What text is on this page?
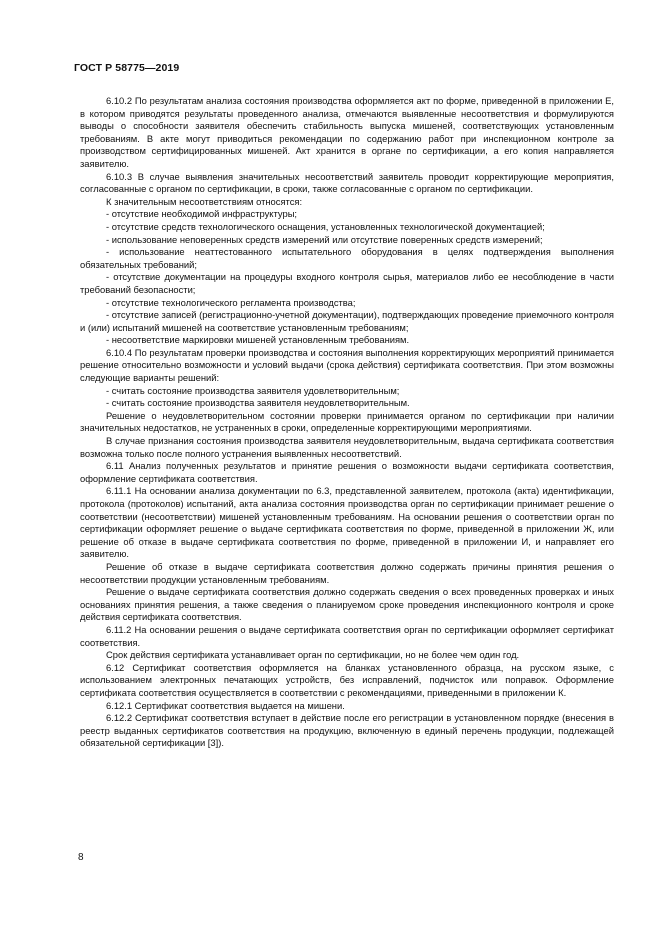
ГОСТ Р 58775—2019

6.10.2 По результатам анализа состояния производства оформляется акт по форме, приведенной в приложении Е, в котором приводятся результаты проведенного анализа, отмечаются выявленные несоответствия и формулируются выводы о способности заявителя обеспечить стабильность выпуска мишеней, соответствующих установленным требованиям. В акте могут приводиться рекомендации по содержанию работ при инспекционном контроле за производством сертифицированных мишеней. Акт хранится в органе по сертификации, а его копия направляется заявителю.

6.10.3 В случае выявления значительных несоответствий заявитель проводит корректирующие мероприятия, согласованные с органом по сертификации, в сроки, также согласованные с органом по сертификации.

К значительным несоответствиям относятся:

- отсутствие необходимой инфраструктуры;

- отсутствие средств технологического оснащения, установленных технологической документацией;

- использование неповеренных средств измерений или отсутствие поверенных средств измерений;

- использование неаттестованного испытательного оборудования в целях подтверждения выполнения обязательных требований;

- отсутствие документации на процедуры входного контроля сырья, материалов либо ее несоблюдение в части требований безопасности;

- отсутствие технологического регламента производства;

- отсутствие записей (регистрационно-учетной документации), подтверждающих проведение приемочного контроля и (или) испытаний мишеней на соответствие установленным требованиям;

- несоответствие маркировки мишеней установленным требованиям.

6.10.4 По результатам проверки производства и состояния выполнения корректирующих мероприятий принимается решение относительно возможности и условий выдачи (срока действия) сертификата соответствия. При этом возможны следующие варианты решений:

- считать состояние производства заявителя удовлетворительным;

- считать состояние производства заявителя неудовлетворительным.

Решение о неудовлетворительном состоянии проверки принимается органом по сертификации при наличии значительных недостатков, не устраненных в сроки, определенные корректирующими мероприятиями.

В случае признания состояния производства заявителя неудовлетворительным, выдача сертификата соответствия возможна только после полного устранения выявленных несоответствий.

6.11 Анализ полученных результатов и принятие решения о возможности выдачи сертификата соответствия, оформление сертификата соответствия.

6.11.1 На основании анализа документации по 6.3, представленной заявителем, протокола (акта) идентификации, протокола (протоколов) испытаний, акта анализа состояния производства орган по сертификации принимает решение о соответствии (несоответствии) мишеней установленным требованиям. На основании решения о соответствии орган по сертификации оформляет решение о выдаче сертификата соответствия по форме, приведенной в приложении Ж, или решение об отказе в выдаче сертификата соответствия по форме, приведенной в приложении И, и направляет его заявителю.

Решение об отказе в выдаче сертификата соответствия должно содержать причины принятия решения о несоответствии продукции установленным требованиям.

Решение о выдаче сертификата соответствия должно содержать сведения о всех проведенных проверках и иных основаниях принятия решения, а также сведения о планируемом сроке проведения инспекционного контроля и сроке действия сертификата соответствия.

6.11.2 На основании решения о выдаче сертификата соответствия орган по сертификации оформляет сертификат соответствия.

Срок действия сертификата устанавливает орган по сертификации, но не более чем один год.

6.12 Сертификат соответствия оформляется на бланках установленного образца, на русском языке, с использованием электронных печатающих устройств, без исправлений, подчисток или поправок. Оформление сертификата соответствия осуществляется в соответствии с рекомендациями, приведенными в приложении К.

6.12.1 Сертификат соответствия выдается на мишени.

6.12.2 Сертификат соответствия вступает в действие после его регистрации в установленном порядке (внесения в реестр выданных сертификатов соответствия на продукцию, включенную в единый перечень продукции, подлежащей обязательной сертификации [3]).

8
